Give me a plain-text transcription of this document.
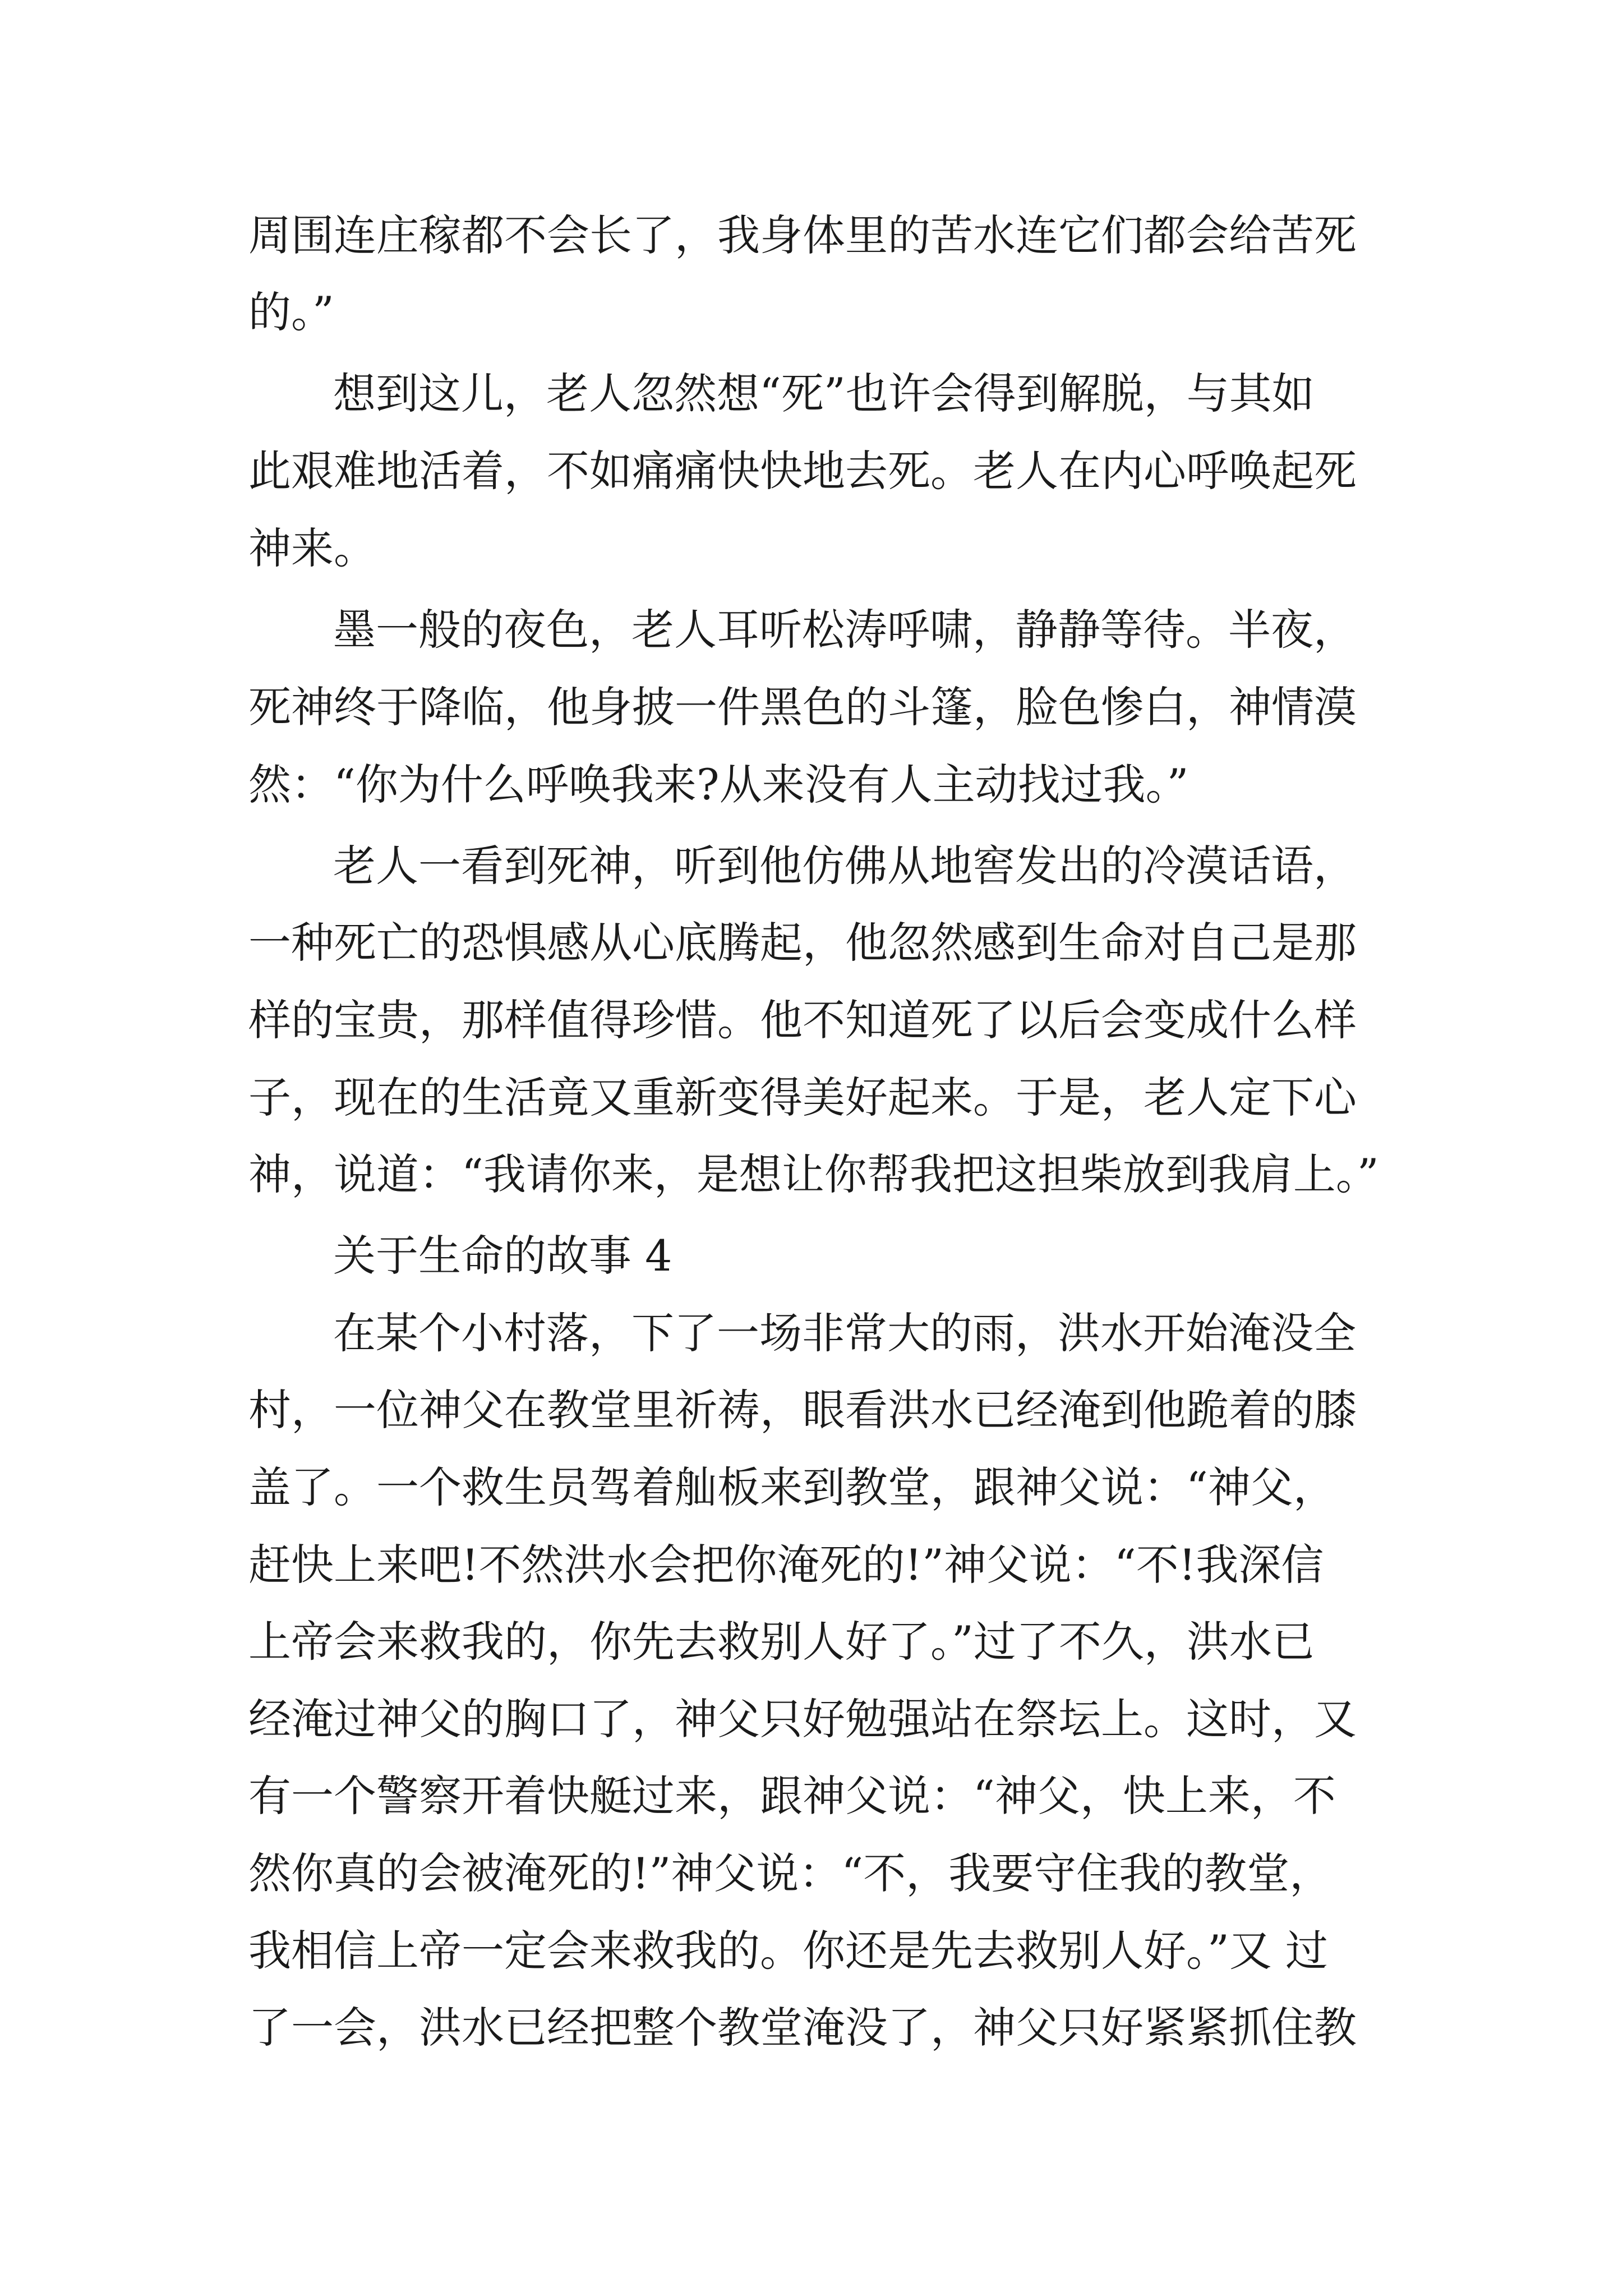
周围连庄稼都不会长了，我身体里的苦水连它们都会给苦死
的。”
想到这儿，老人忽然想“死”也许会得到解脱，与其如
此艰难地活着，不如痛痛快快地去死。老人在内心呼唤起死
神来。
墨一般的夜色，老人耳听松涛呼啸，静静等待。半夜，
死神终于降临，他身披一件黑色的斗篷，脸色惨白，神情漠
然：“你为什么呼唤我来?从来没有人主动找过我。”
老人一看到死神，听到他仿佛从地窖发出的冷漠话语，
一种死亡的恐惧感从心底腾起，他忽然感到生命对自己是那
样的宝贵，那样值得珍惜。他不知道死了以后会变成什么样
子，现在的生活竟又重新变得美好起来。于是，老人定下心
神，说道：“我请你来，是想让你帮我把这担柴放到我肩上。”
关于生命的故事 4
在某个小村落，下了一场非常大的雨，洪水开始淹没全
村，一位神父在教堂里祈祷，眼看洪水已经淹到他跪着的膝
盖了。一个救生员驾着舢板来到教堂，跟神父说：“神父，
赶快上来吧!不然洪水会把你淹死的!”神父说：“不!我深信
上帝会来救我的，你先去救别人好了。”过了不久，洪水已
经淹过神父的胸口了，神父只好勉强站在祭坛上。这时，又
有一个警察开着快艇过来，跟神父说：“神父，快上来，不
然你真的会被淹死的!”神父说：“不，我要守住我的教堂，
我相信上帝一定会来救我的。你还是先去救别人好。”又 过
了一会，洪水已经把整个教堂淹没了，神父只好紧紧抓住教
